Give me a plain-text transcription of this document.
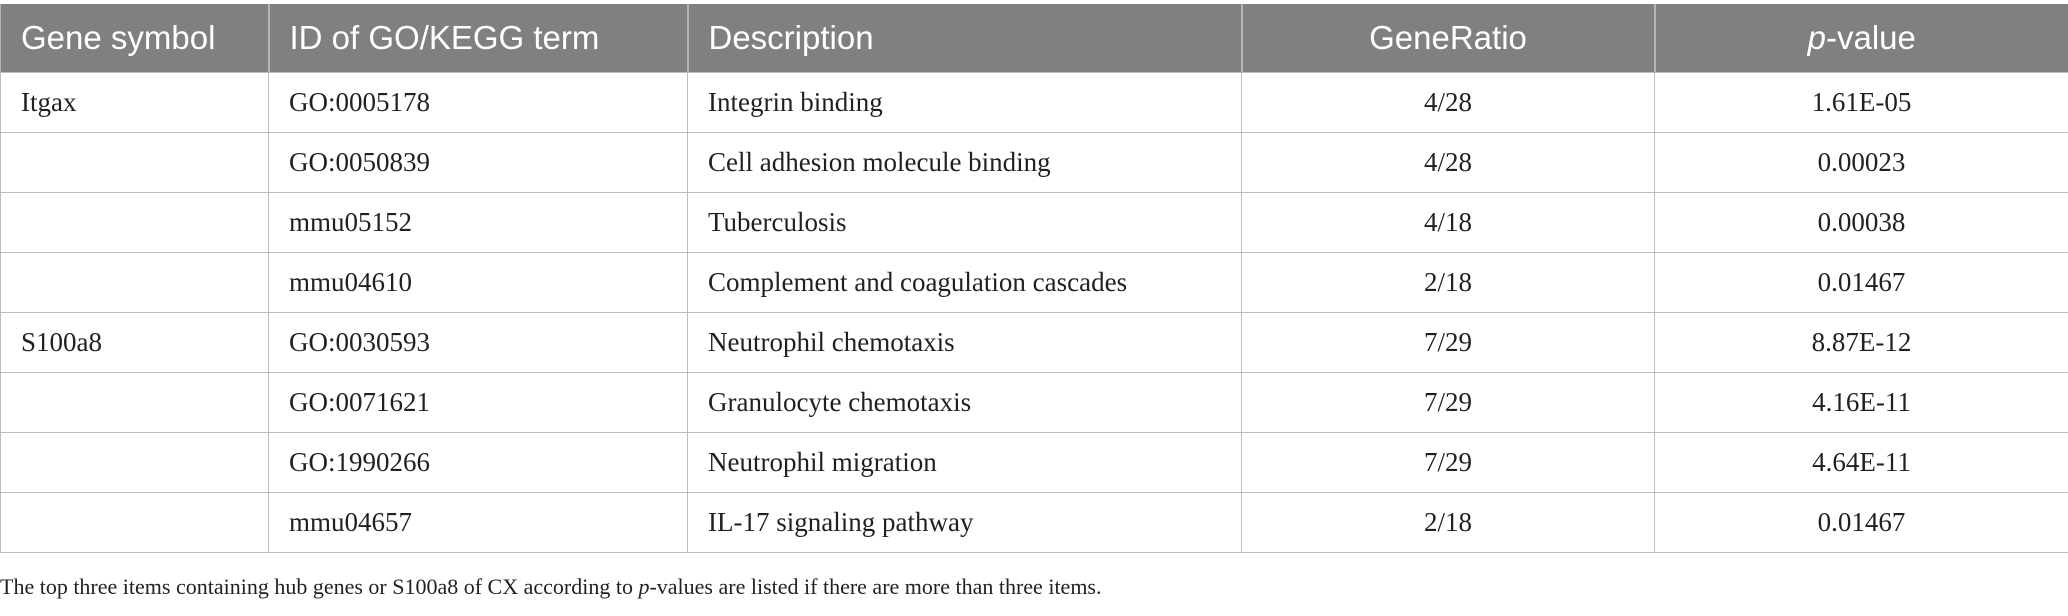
Gene symbol	ID of GO/KEGG term	Description	GeneRatio	p-value
Itgax	GO:0005178	Integrin binding	4/28	1.61E-05
	GO:0050839	Cell adhesion molecule binding	4/28	0.00023
	mmu05152	Tuberculosis	4/18	0.00038
	mmu04610	Complement and coagulation cascades	2/18	0.01467
S100a8	GO:0030593	Neutrophil chemotaxis	7/29	8.87E-12
	GO:0071621	Granulocyte chemotaxis	7/29	4.16E-11
	GO:1990266	Neutrophil migration	7/29	4.64E-11
	mmu04657	IL-17 signaling pathway	2/18	0.01467
The top three items containing hub genes or S100a8 of CX according to p-values are listed if there are more than three items.
